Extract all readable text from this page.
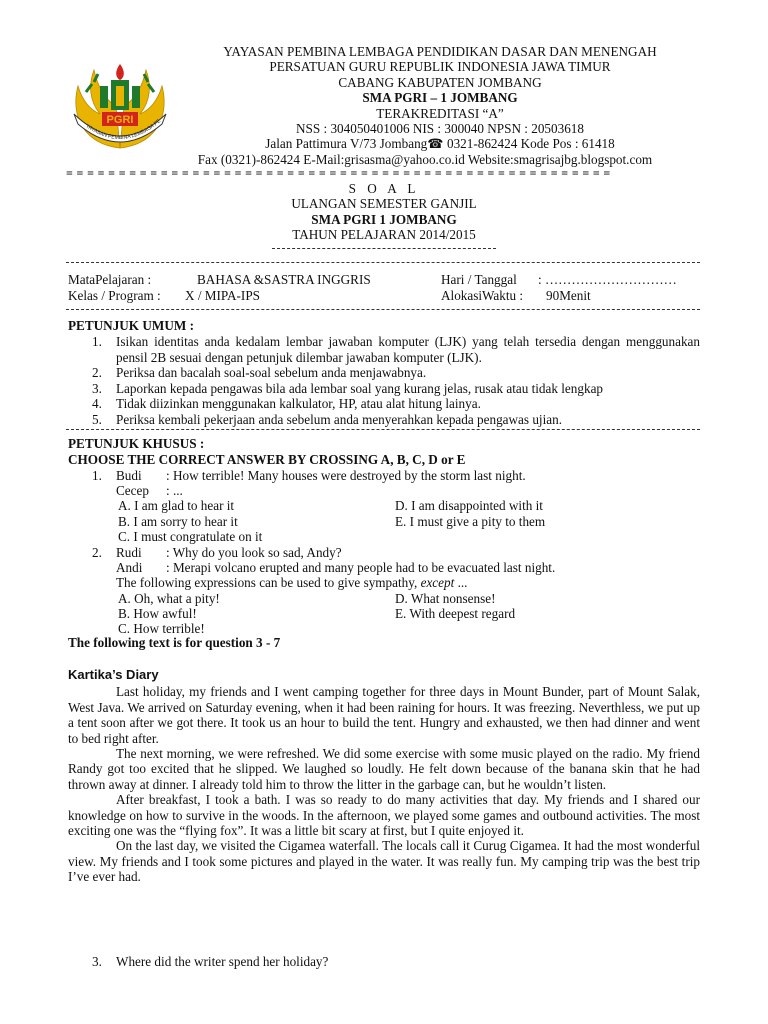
YAYASAN PEMBINA LEMBAGA PE
PGRI
YAYASAN PEMBINA LEMBAGA PENDIDIKAN DASAR DAN MENENGAH
PERSATUAN GURU REPUBLIK INDONESIA JAWA TIMUR
CABANG KABUPATEN JOMBANG
SMA PGRI – 1 JOMBANG
TERAKREDITASI “A”
NSS : 304050401006 NIS : 300040 NPSN : 20503618
Jalan Pattimura V/73 Jombang☎ 0321-862424 Kode Pos : 61418
Fax (0321)-862424 E-Mail:grisasma@yahoo.co.id Website:smagrisajbg.blogspot.com
= = = = = = = = = = = = = = = = = = = = = = = = = = = = = = = = = = = = = = = = = = = = = = = = = = = =
S O A L
ULANGAN SEMESTER GANJIL
SMA PGRI 1 JOMBANG
TAHUN PELAJARAN 2014/2015
MataPelajaran :	BAHASA &SASTRA INGGRIS	Hari / Tanggal : …………………………
Kelas / Program : X / MIPA-IPS	AlokasiWaktu : 90Menit
PETUNJUK UMUM :
1. Isikan identitas anda kedalam lembar jawaban komputer (LJK) yang telah tersedia dengan menggunakan pensil 2B sesuai dengan petunjuk dilembar jawaban komputer (LJK).
2. Periksa dan bacalah soal-soal sebelum anda menjawabnya.
3. Laporkan kepada pengawas bila ada lembar soal yang kurang jelas, rusak atau tidak lengkap
4. Tidak diizinkan menggunakan kalkulator, HP, atau alat hitung lainya.
5. Periksa kembali pekerjaan anda sebelum anda menyerahkan kepada pengawas ujian.
PETUNJUK KHUSUS :
CHOOSE THE CORRECT ANSWER BY CROSSING A, B, C, D or E
1. Budi : How terrible! Many houses were destroyed by the storm last night.
Cecep : ...
A. I am glad to hear it	D. I am disappointed with it
B. I am sorry to hear it	E. I must give a pity to them
C. I must congratulate on it
2. Rudi : Why do you look so sad, Andy?
Andi : Merapi volcano erupted and many people had to be evacuated last night.
The following expressions can be used to give sympathy, except ...
A. Oh, what a pity!	D. What nonsense!
B. How awful!	E. With deepest regard
C. How terrible!
The following text is for question 3 - 7

Kartika’s Diary

Last holiday, my friends and I went camping together for three days in Mount Bunder, part of Mount Salak, West Java. We arrived on Saturday evening, when it had been raining for hours. It was freezing. Neverthless, we put up a tent soon after we got there. It took us an hour to build the tent. Hungry and exhausted, we then had dinner and went to bed right after.

The next morning, we were refreshed. We did some exercise with some music played on the radio. My friend Randy got too excited that he slipped. We laughed so loudly. He felt down because of the banana skin that he had thrown away at dinner. I already told him to throw the litter in the garbage can, but he wouldn’t listen.

After breakfast, I took a bath. I was so ready to do many activities that day. My friends and I shared our knowledge on how to survive in the woods. In the afternoon, we played some games and outbound activities. The most exciting one was the “flying fox”. It was a little bit scary at first, but I quite enjoyed it.

On the last day, we visited the Cigamea waterfall. The locals call it Curug Cigamea. It had the most wonderful view. My friends and I took some pictures and played in the water. It was really fun. My camping trip was the best trip I’ve ever had.

3. Where did the writer spend her holiday?
